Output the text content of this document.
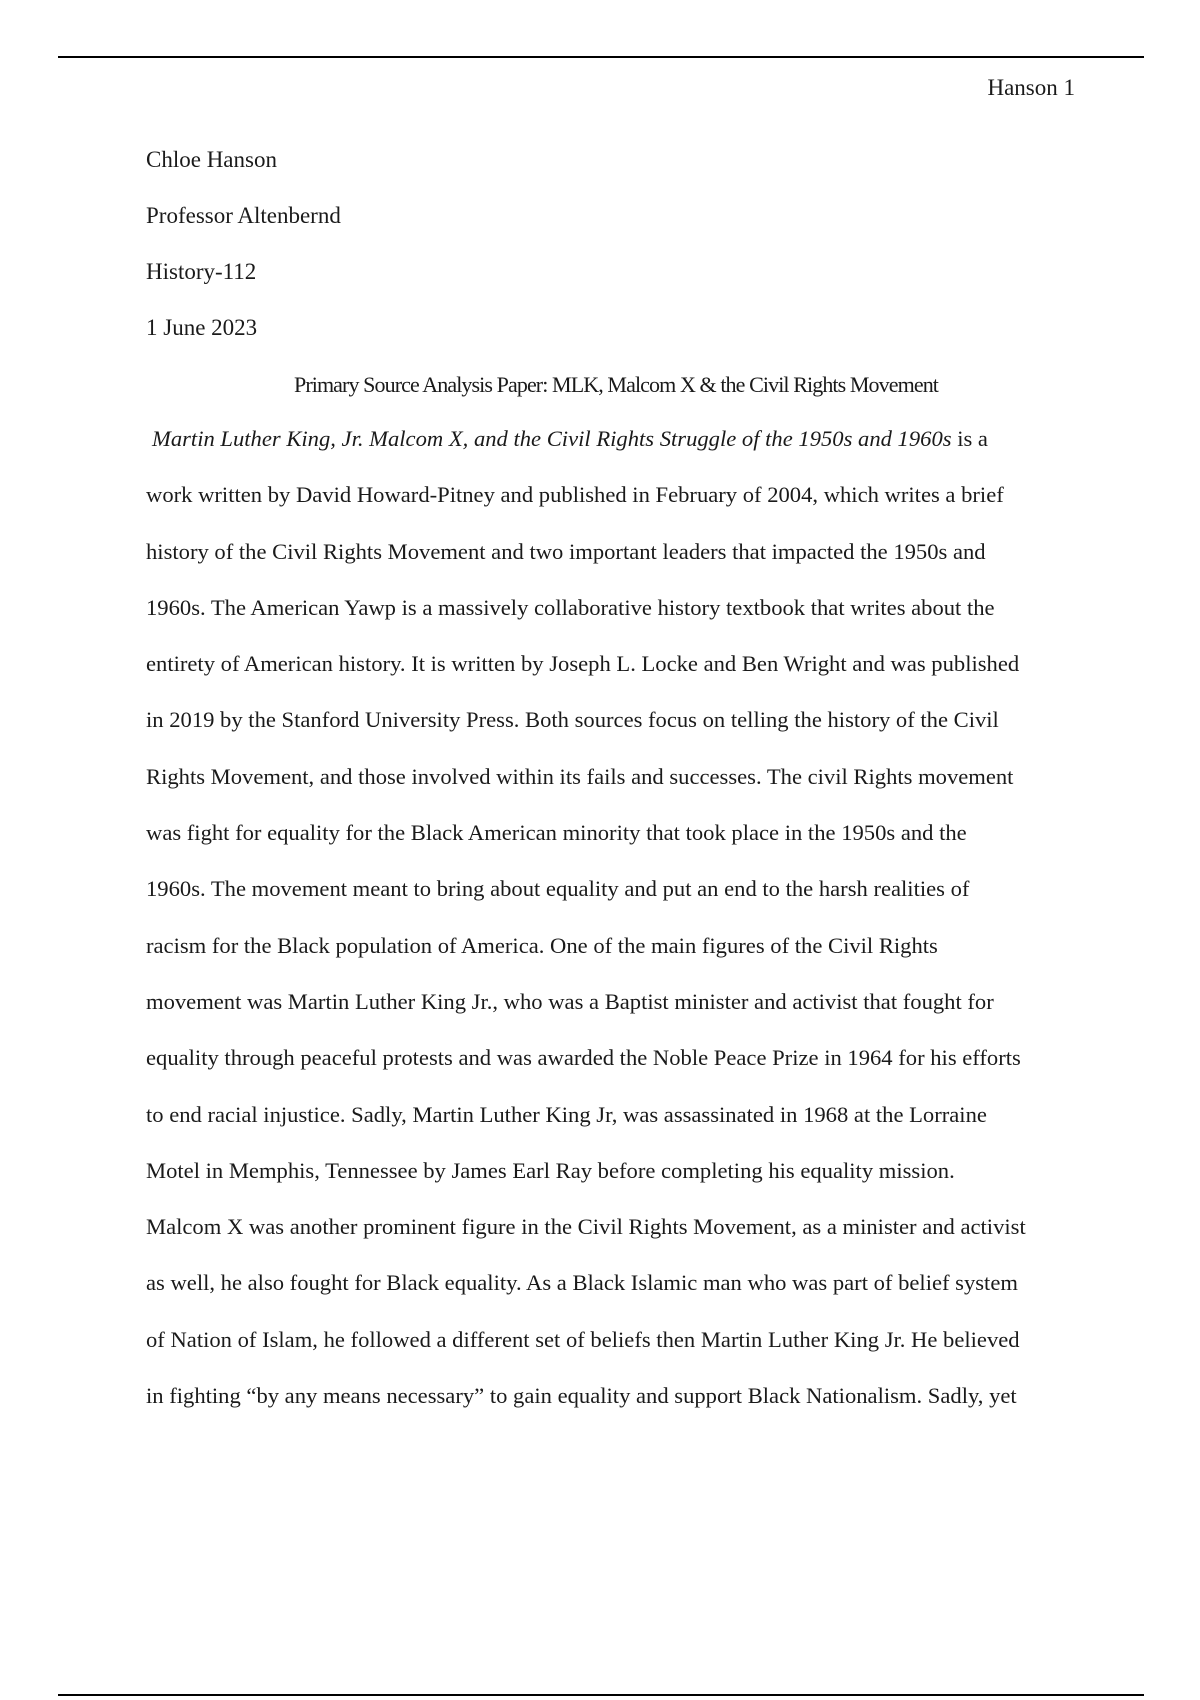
Hanson 1
Chloe Hanson
Professor Altenbernd
History-112
1 June 2023
Primary Source Analysis Paper: MLK, Malcom X & the Civil Rights Movement
Martin Luther King, Jr. Malcom X, and the Civil Rights Struggle of the 1950s and 1960s is a
work written by David Howard-Pitney and published in February of 2004, which writes a brief
history of the Civil Rights Movement and two important leaders that impacted the 1950s and
1960s. The American Yawp is a massively collaborative history textbook that writes about the
entirety of American history. It is written by Joseph L. Locke and Ben Wright and was published
in 2019 by the Stanford University Press. Both sources focus on telling the history of the Civil
Rights Movement, and those involved within its fails and successes. The civil Rights movement
was fight for equality for the Black American minority that took place in the 1950s and the
1960s. The movement meant to bring about equality and put an end to the harsh realities of
racism for the Black population of America. One of the main figures of the Civil Rights
movement was Martin Luther King Jr., who was a Baptist minister and activist that fought for
equality through peaceful protests and was awarded the Noble Peace Prize in 1964 for his efforts
to end racial injustice. Sadly, Martin Luther King Jr, was assassinated in 1968 at the Lorraine
Motel in Memphis, Tennessee by James Earl Ray before completing his equality mission.
Malcom X was another prominent figure in the Civil Rights Movement, as a minister and activist
as well, he also fought for Black equality. As a Black Islamic man who was part of belief system
of Nation of Islam, he followed a different set of beliefs then Martin Luther King Jr. He believed
in fighting “by any means necessary” to gain equality and support Black Nationalism. Sadly, yet
